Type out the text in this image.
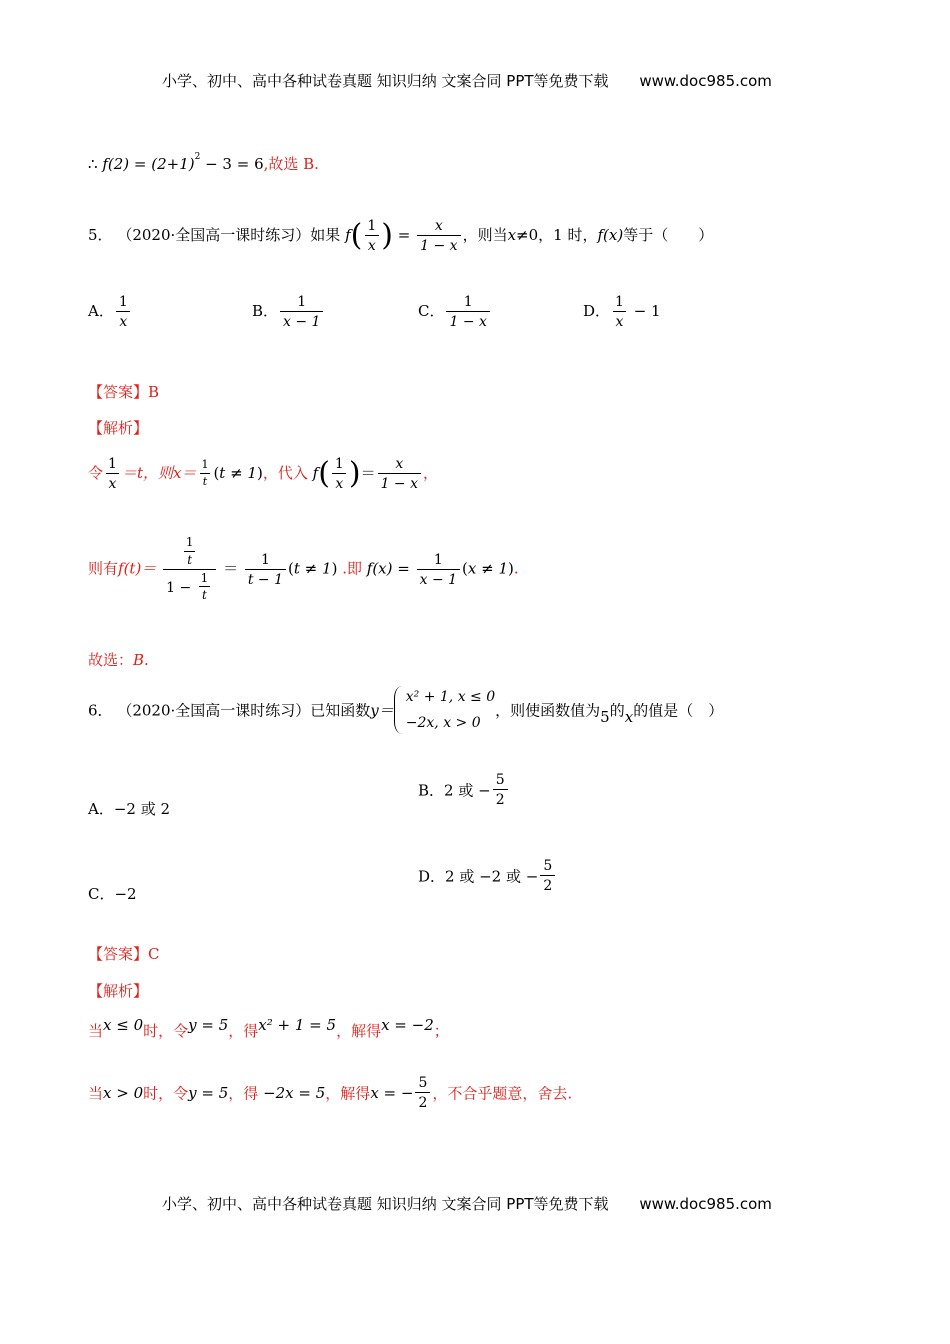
小学、初中、高中各种试卷真题 知识归纳 文案合同 PPT等免费下载 www.doc985.com
∴ $f(2) = (2+1)^2 - 3 = 6$,故选 B.
5． （2020·全国高一课时练习）如果 $f( \frac{1}{x}$ ) = $\frac{x}{1 - x}$ ，则当x≠0，1 时，f(x)等于（　　）
A． $\frac{1}{x}$	B． $\frac{1}{x - 1}$	C． $\frac{1}{1 - x}$	D． $\frac{1}{x} - 1$
【答案】B
【解析】
令 $\frac{1}{x} =t$，则$x= \frac{1}{t} (t \ne 1)$，代入 $f( \frac{1}{x}$ )＝ $\frac{x}{1 - x}$ ，
则有$f(t)= \frac{\frac{1}{t}}{1 - \frac{1}{t}} = \frac{1}{t - 1} (t \ne 1)$ .即 $f(x) = \frac{1}{x - 1} (x \ne 1)$.
故选：B.
6． （2020·全国高一课时练习）已知函数y＝
x² + 1, x ≤ 0
−2x, x > 0，则使函数值为5的x的值是（　）
A．−2 或 2
B．2 或 − $\frac{5}{2}$
C．−2
D．2 或 −2 或 − $\frac{5}{2}$
【答案】C
【解析】
当x ≤ 0时，令y = 5，得x² + 1 = 5，解得x = −2；
当x > 0时，令y = 5，得 −2x = 5，解得x = − $\frac{5}{2}$ ，不合乎题意，舍去.
小学、初中、高中各种试卷真题 知识归纳 文案合同 PPT等免费下载 www.doc985.com
